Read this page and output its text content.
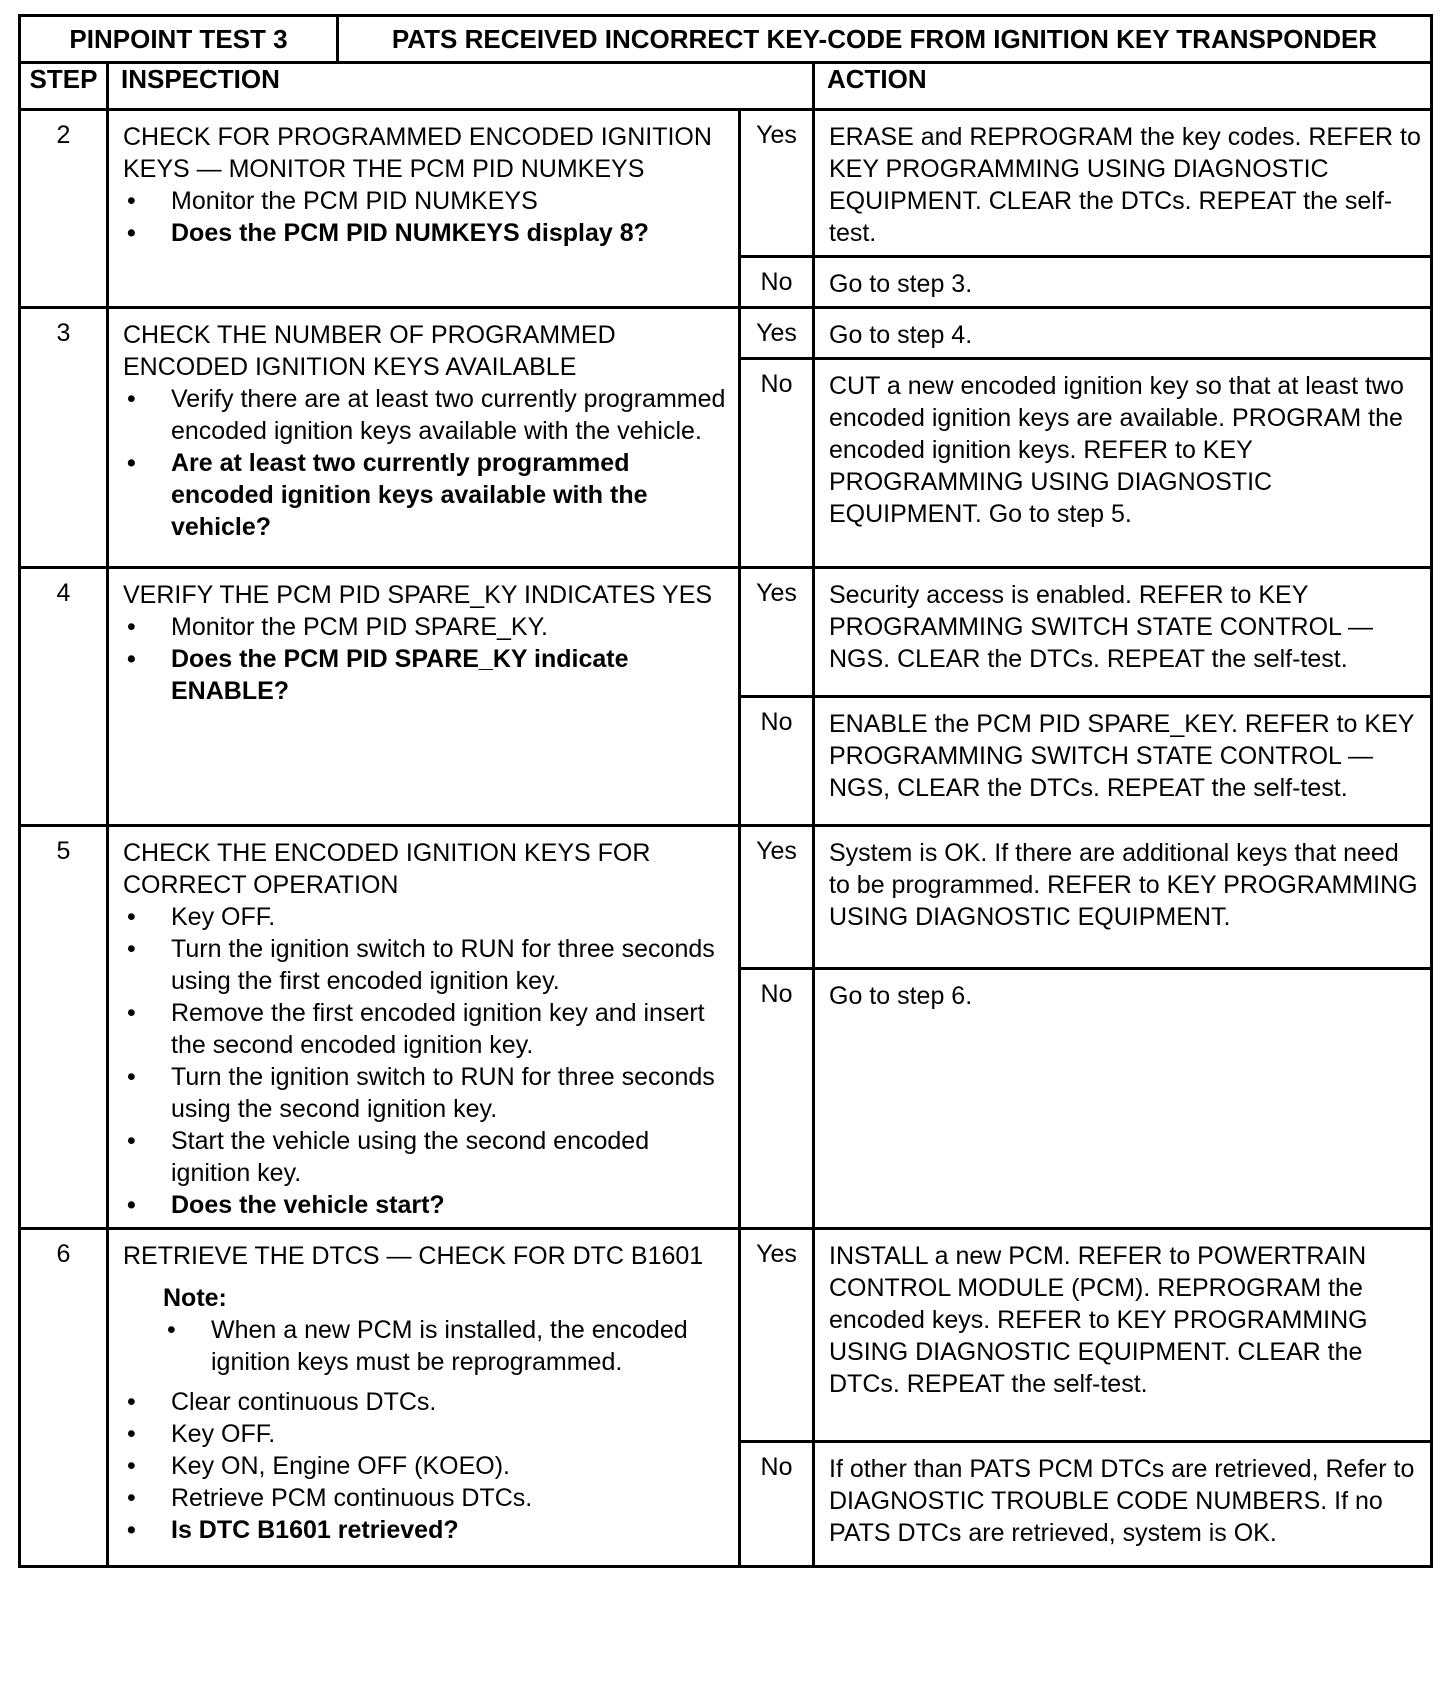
PINPOINT TEST 3	PATS RECEIVED INCORRECT KEY-CODE FROM IGNITION KEY TRANSPONDER

STEP	INSPECTION	ACTION
2	CHECK FOR PROGRAMMED ENCODED IGNITION KEYS — MONITOR THE PCM PID NUMKEYS
• Monitor the PCM PID NUMKEYS
• Does the PCM PID NUMKEYS display 8?
	Yes	ERASE and REPROGRAM the key codes. REFER to KEY PROGRAMMING USING DIAGNOSTIC EQUIPMENT. CLEAR the DTCs. REPEAT the self-test.
No	Go to step 3.
3	CHECK THE NUMBER OF PROGRAMMED ENCODED IGNITION KEYS AVAILABLE
• Verify there are at least two currently programmed encoded ignition keys available with the vehicle.
• Are at least two currently programmed encoded ignition keys available with the vehicle?
	Yes	Go to step 4.
No	CUT a new encoded ignition key so that at least two encoded ignition keys are available. PROGRAM the encoded ignition keys. REFER to KEY PROGRAMMING USING DIAGNOSTIC EQUIPMENT. Go to step 5.
4	VERIFY THE PCM PID SPARE_KY INDICATES YES
• Monitor the PCM PID SPARE_KY.
• Does the PCM PID SPARE_KY indicate ENABLE?
	Yes	Security access is enabled. REFER to KEY PROGRAMMING SWITCH STATE CONTROL — NGS. CLEAR the DTCs. REPEAT the self-test.
No	ENABLE the PCM PID SPARE_KEY. REFER to KEY PROGRAMMING SWITCH STATE CONTROL — NGS, CLEAR the DTCs. REPEAT the self-test.
5	CHECK THE ENCODED IGNITION KEYS FOR CORRECT OPERATION
• Key OFF.
• Turn the ignition switch to RUN for three seconds using the first encoded ignition key.
• Remove the first encoded ignition key and insert the second encoded ignition key.
• Turn the ignition switch to RUN for three seconds using the second ignition key.
• Start the vehicle using the second encoded ignition key.
• Does the vehicle start?
	Yes	System is OK. If there are additional keys that need to be programmed. REFER to KEY PROGRAMMING USING DIAGNOSTIC EQUIPMENT.
No	Go to step 6.
6	RETRIEVE THE DTCS — CHECK FOR DTC B1601
Note:
• When a new PCM is installed, the encoded ignition keys must be reprogrammed.
• Clear continuous DTCs.
• Key OFF.
• Key ON, Engine OFF (KOEO).
• Retrieve PCM continuous DTCs.
• Is DTC B1601 retrieved?
	Yes	INSTALL a new PCM. REFER to POWERTRAIN CONTROL MODULE (PCM). REPROGRAM the encoded keys. REFER to KEY PROGRAMMING USING DIAGNOSTIC EQUIPMENT. CLEAR the DTCs. REPEAT the self-test.
No	If other than PATS PCM DTCs are retrieved, Refer to DIAGNOSTIC TROUBLE CODE NUMBERS. If no PATS DTCs are retrieved, system is OK.
